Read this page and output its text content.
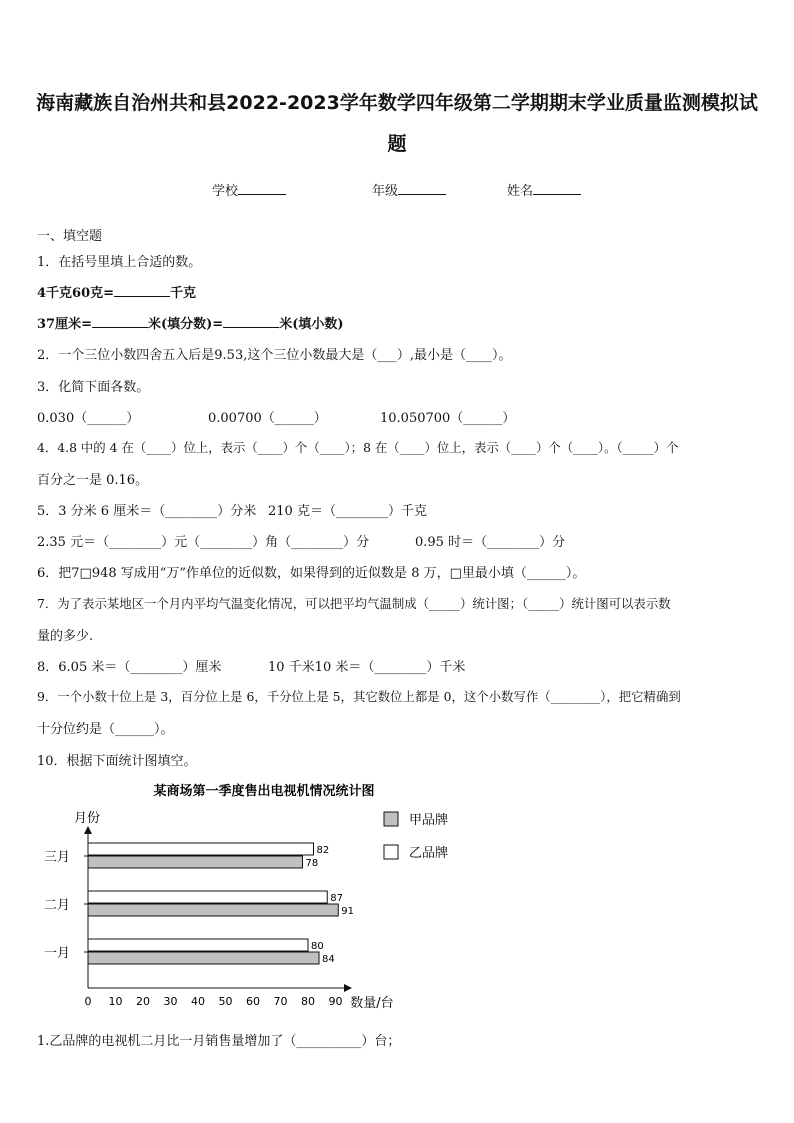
海南藏族自治州共和县2022-2023学年数学四年级第二学期期末学业质量监测模拟试
题
学校	年级	姓名
一、填空题
1．在括号里填上合适的数。
4千克60克=	千克
37厘米=	米(填分数)=	米(填小数)
2．一个三位小数四舍五入后是9.53,这个三位小数最大是（___）,最小是（____）。
3．化简下面各数。
0.030（______）	0.00700（______）	10.050700（______）
4．4.8 中的 4 在（____）位上，表示（____）个（____）；8 在（____）位上，表示（____）个（____）。（_____）个
百分之一是 0.16。
5．3 分米 6 厘米＝（________）分米 210 克＝（________）千克
2.35 元＝（________）元（________）角（________）分	0.95 时＝（________）分
6．把7□948 写成用“万”作单位的近似数，如果得到的近似数是 8 万，□里最小填（______）。
7．为了表示某地区一个月内平均气温变化情况，可以把平均气温制成（_____）统计图；（_____）统计图可以表示数
量的多少.
8．6.05 米＝（________）厘米	10 千米10 米＝（________）千米
9．一个小数十位上是 3，百分位上是 6，千分位上是 5，其它数位上都是 0，这个小数写作（________），把它精确到
十分位约是（______）。
10．根据下面统计图填空。
某商场第一季度售出电视机情况统计图
月份
数量/台
0 10 20 30 40 50 60 70 80 90
三月	82
78
二月	87
91
一月	80
84
甲品牌
乙品牌
1.乙品牌的电视机二月比一月销售量增加了（__________）台；
